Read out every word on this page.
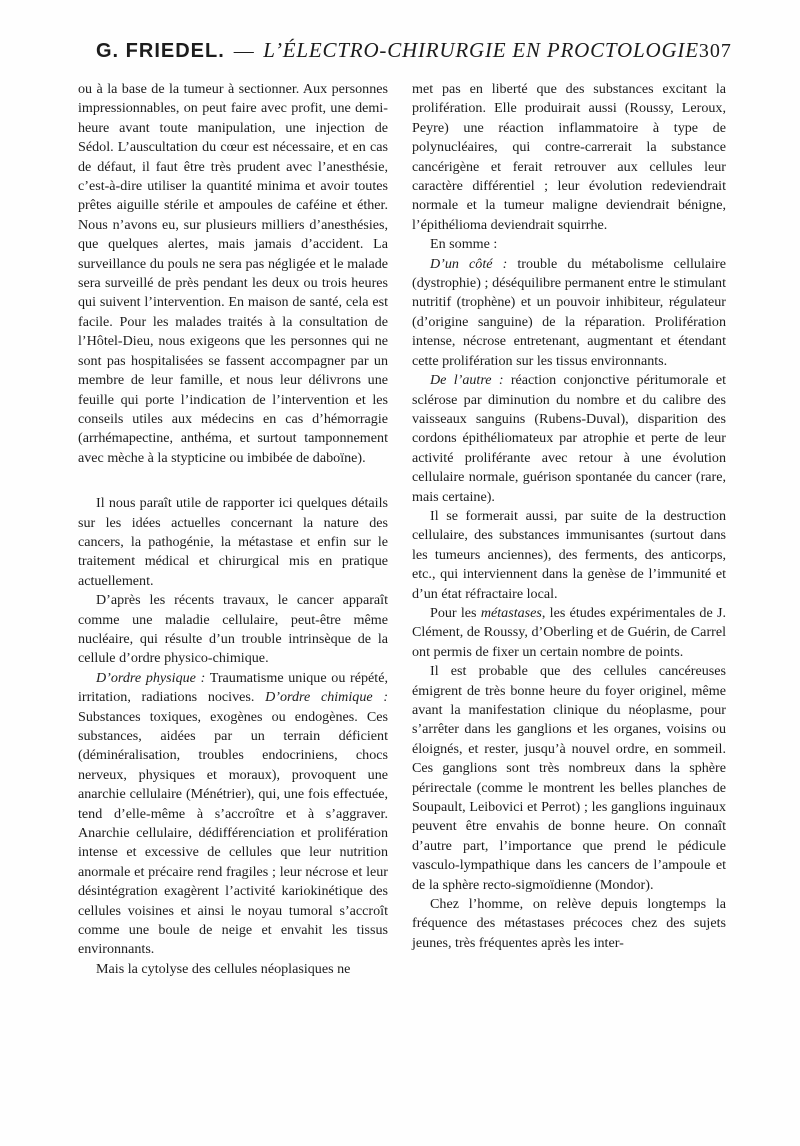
G. FRIEDEL. — L’ÉLECTRO-CHIRURGIE EN PROCTOLOGIE 307

ou à la base de la tumeur à sectionner. Aux personnes impressionnables, on peut faire avec profit, une demi-heure avant toute manipulation, une injection de Sédol. L’auscultation du cœur est nécessaire, et en cas de défaut, il faut être très prudent avec l’anesthésie, c’est-à-dire utiliser la quantité minima et avoir toutes prêtes aiguille stérile et ampoules de caféine et éther. Nous n’avons eu, sur plusieurs milliers d’anesthésies, que quelques alertes, mais jamais d’accident. La surveillance du pouls ne sera pas négligée et le malade sera surveillé de près pendant les deux ou trois heures qui suivent l’intervention. En maison de santé, cela est facile. Pour les malades traités à la consultation de l’Hôtel-Dieu, nous exigeons que les personnes qui ne sont pas hospitalisées se fassent accompagner par un membre de leur famille, et nous leur délivrons une feuille qui porte l’indication de l’intervention et les conseils utiles aux médecins en cas d’hémorragie (arrhémapectine, anthéma, et surtout tamponnement avec mèche à la stypticine ou imbibée de daboïne).

Il nous paraît utile de rapporter ici quelques détails sur les idées actuelles concernant la nature des cancers, la pathogénie, la métastase et enfin sur le traitement médical et chirurgical mis en pratique actuellement.

D’après les récents travaux, le cancer apparaît comme une maladie cellulaire, peut-être même nucléaire, qui résulte d’un trouble intrinsèque de la cellule d’ordre physico-chimique.

D’ordre physique : Traumatisme unique ou répété, irritation, radiations nocives. D’ordre chimique : Substances toxiques, exogènes ou endogènes. Ces substances, aidées par un terrain déficient (déminéralisation, troubles endocriniens, chocs nerveux, physiques et moraux), provoquent une anarchie cellulaire (Ménétrier), qui, une fois effectuée, tend d’elle-même à s’accroître et à s’aggraver. Anarchie cellulaire, dédifférenciation et prolifération intense et excessive de cellules que leur nutrition anormale et précaire rend fragiles ; leur nécrose et leur désintégration exagèrent l’activité kariokinétique des cellules voisines et ainsi le noyau tumoral s’accroît comme une boule de neige et envahit les tissus environnants.

Mais la cytolyse des cellules néoplasiques ne

met pas en liberté que des substances excitant la prolifération. Elle produirait aussi (Roussy, Leroux, Peyre) une réaction inflammatoire à type de polynucléaires, qui contre-carrerait la substance cancérigène et ferait retrouver aux cellules leur caractère différentiel ; leur évolution redeviendrait normale et la tumeur maligne deviendrait bénigne, l’épithélioma deviendrait squirrhe.

En somme :

D’un côté : trouble du métabolisme cellulaire (dystrophie) ; déséquilibre permanent entre le stimulant nutritif (trophène) et un pouvoir inhibiteur, régulateur (d’origine sanguine) de la réparation. Prolifération intense, nécrose entretenant, augmentant et étendant cette prolifération sur les tissus environnants.

De l’autre : réaction conjonctive péritumorale et sclérose par diminution du nombre et du calibre des vaisseaux sanguins (Rubens-Duval), disparition des cordons épithéliomateux par atrophie et perte de leur activité proliférante avec retour à une évolution cellulaire normale, guérison spontanée du cancer (rare, mais certaine).

Il se formerait aussi, par suite de la destruction cellulaire, des substances immunisantes (surtout dans les tumeurs anciennes), des ferments, des anticorps, etc., qui interviennent dans la genèse de l’immunité et d’un état réfractaire local.

Pour les métastases, les études expérimentales de J. Clément, de Roussy, d’Oberling et de Guérin, de Carrel ont permis de fixer un certain nombre de points.

Il est probable que des cellules cancéreuses émigrent de très bonne heure du foyer originel, même avant la manifestation clinique du néoplasme, pour s’arrêter dans les ganglions et les organes, voisins ou éloignés, et rester, jusqu’à nouvel ordre, en sommeil. Ces ganglions sont très nombreux dans la sphère périrectale (comme le montrent les belles planches de Soupault, Leibovici et Perrot) ; les ganglions inguinaux peuvent être envahis de bonne heure. On connaît d’autre part, l’importance que prend le pédicule vasculo-lympathique dans les cancers de l’ampoule et de la sphère recto-sigmoïdienne (Mondor).

Chez l’homme, on relève depuis longtemps la fréquence des métastases précoces chez des sujets jeunes, très fréquentes après les inter-
